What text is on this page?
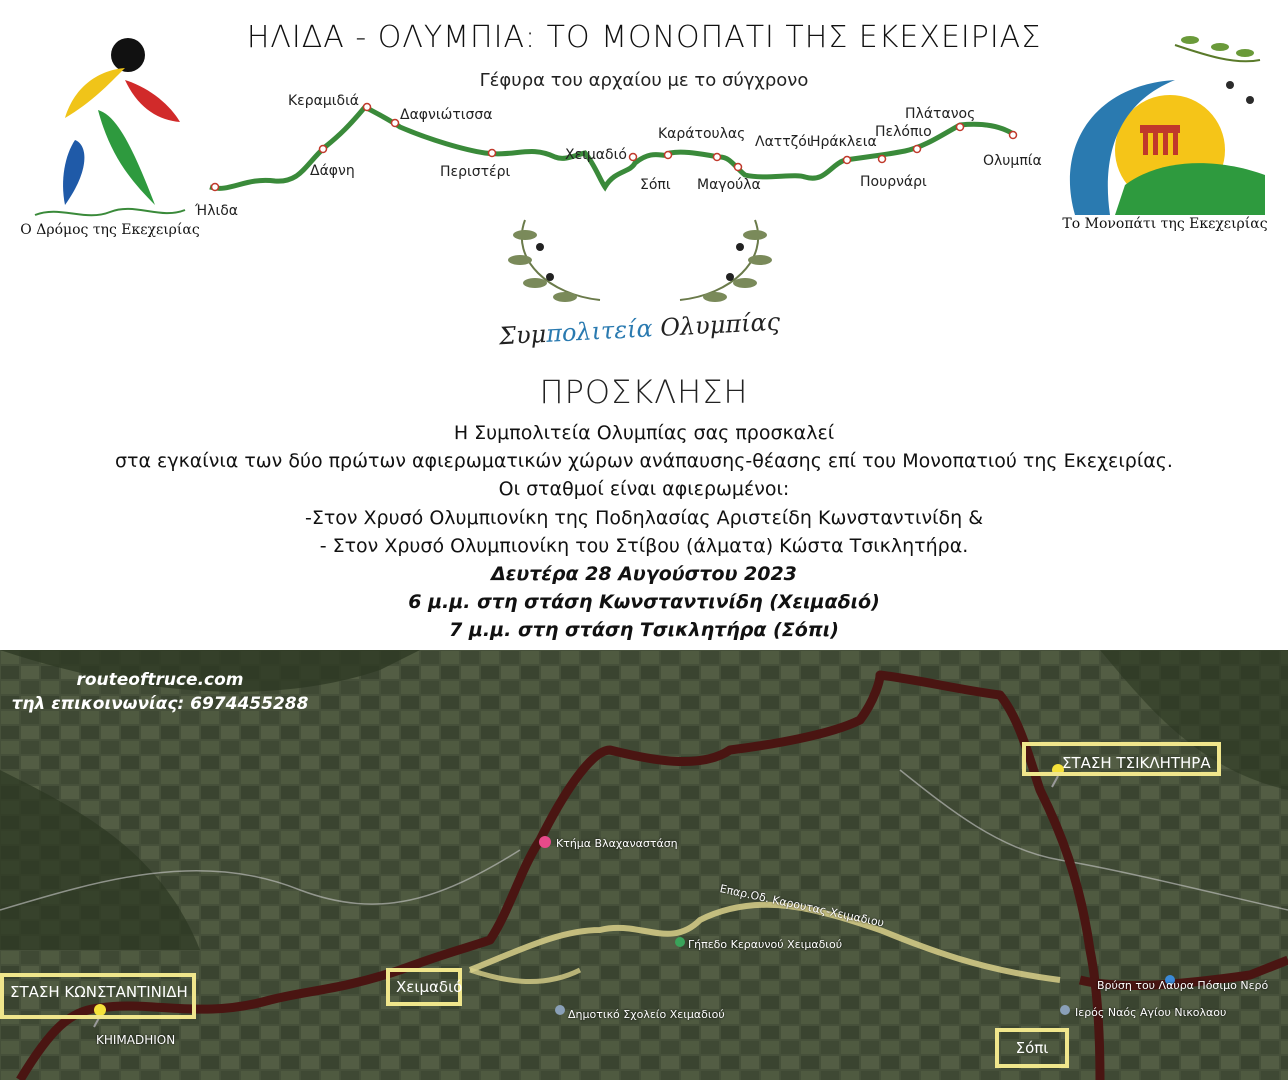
ΗΛΙΔΑ - ΟΛΥΜΠΙΑ: ΤΟ ΜΟΝΟΠΑΤΙ ΤΗΣ ΕΚΕΧΕΙΡΙΑΣ
Γέφυρα του αρχαίου με το σύγχρονο
Ο Δρόμος της Εκεχειρίας
Ήλιδα
Δάφνη
Κεραμιδιά
Δαφνιώτισσα
Περιστέρι
Χειμαδιό
Σόπι
Καράτουλας
Μαγούλα
Λαττζόι
Ηράκλεια
Πουρνάρι
Πελόπιο
Πλάτανος
Ολυμπία
Το Μονοπάτι της Εκεχειρίας
Συμπολιτεία Ολυμπίας
ΠΡΟΣΚΛΗΣΗ
Η Συμπολιτεία Ολυμπίας σας προσκαλεί
στα εγκαίνια των δύο πρώτων αφιερωματικών χώρων ανάπαυσης-θέασης επί του Μονοπατιού της Εκεχειρίας.
Οι σταθμοί είναι αφιερωμένοι:
-Στον Χρυσό Ολυμπιονίκη της Ποδηλασίας Αριστείδη Κωνσταντινίδη &
- Στον Χρυσό Ολυμπιονίκη του Στίβου (άλματα) Κώστα Τσικλητήρα.
Δευτέρα 28 Αυγούστου 2023
6 μ.μ. στη στάση Κωνσταντινίδη (Χειμαδιό)
7 μ.μ. στη στάση Τσικλητήρα (Σόπι)
ΣΤΑΣΗ ΤΣΙΚΛΗΤΗΡΑ
ΣΤΑΣΗ ΚΩΝΣΤΑΝΤΙΝΙΔΗ	Χειμαδιό
Σόπι
Κτήμα Βλαχαναστάση
Επαρ.Οδ. Καρουτας-Χειμαδιου
Γήπεδο Κεραυνού Χειμαδιού
Δημοτικό Σχολείο Χειμαδιού
Βρύση του Λαυρα Πόσιμο Νερό
Ιερός Ναός Αγίου Νικολαου
KHIMADHION
routeoftruce.com
τηλ επικοινωνίας: 6974455288
